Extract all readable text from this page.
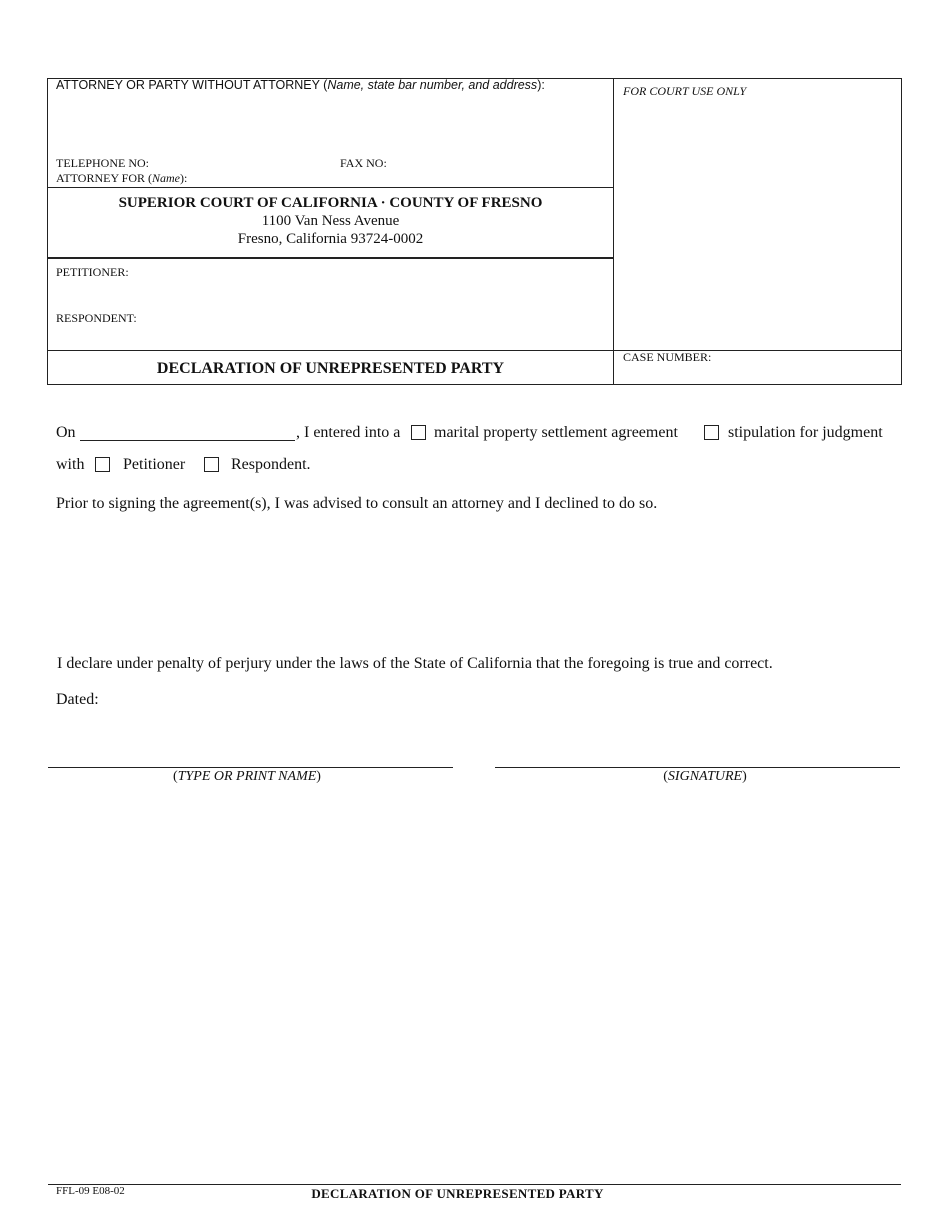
ATTORNEY OR PARTY WITHOUT ATTORNEY (Name, state bar number, and address):	FOR COURT USE ONLY
TELEPHONE NO:	FAX NO:
ATTORNEY FOR (Name):
SUPERIOR COURT OF CALIFORNIA · COUNTY OF FRESNO
1100 Van Ness Avenue
Fresno, California 93724-0002
PETITIONER:
RESPONDENT:
DECLARATION OF UNREPRESENTED PARTY
CASE NUMBER:
On	, I entered into a marital property settlement agreement	stipulation for judgment
with Petitioner	Respondent.
Prior to signing the agreement(s), I was advised to consult an attorney and I declined to do so.
I declare under penalty of perjury under the laws of the State of California that the foregoing is true and correct.
Dated:
(TYPE OR PRINT NAME)	(SIGNATURE)
FFL-09 E08-02	DECLARATION OF UNREPRESENTED PARTY
